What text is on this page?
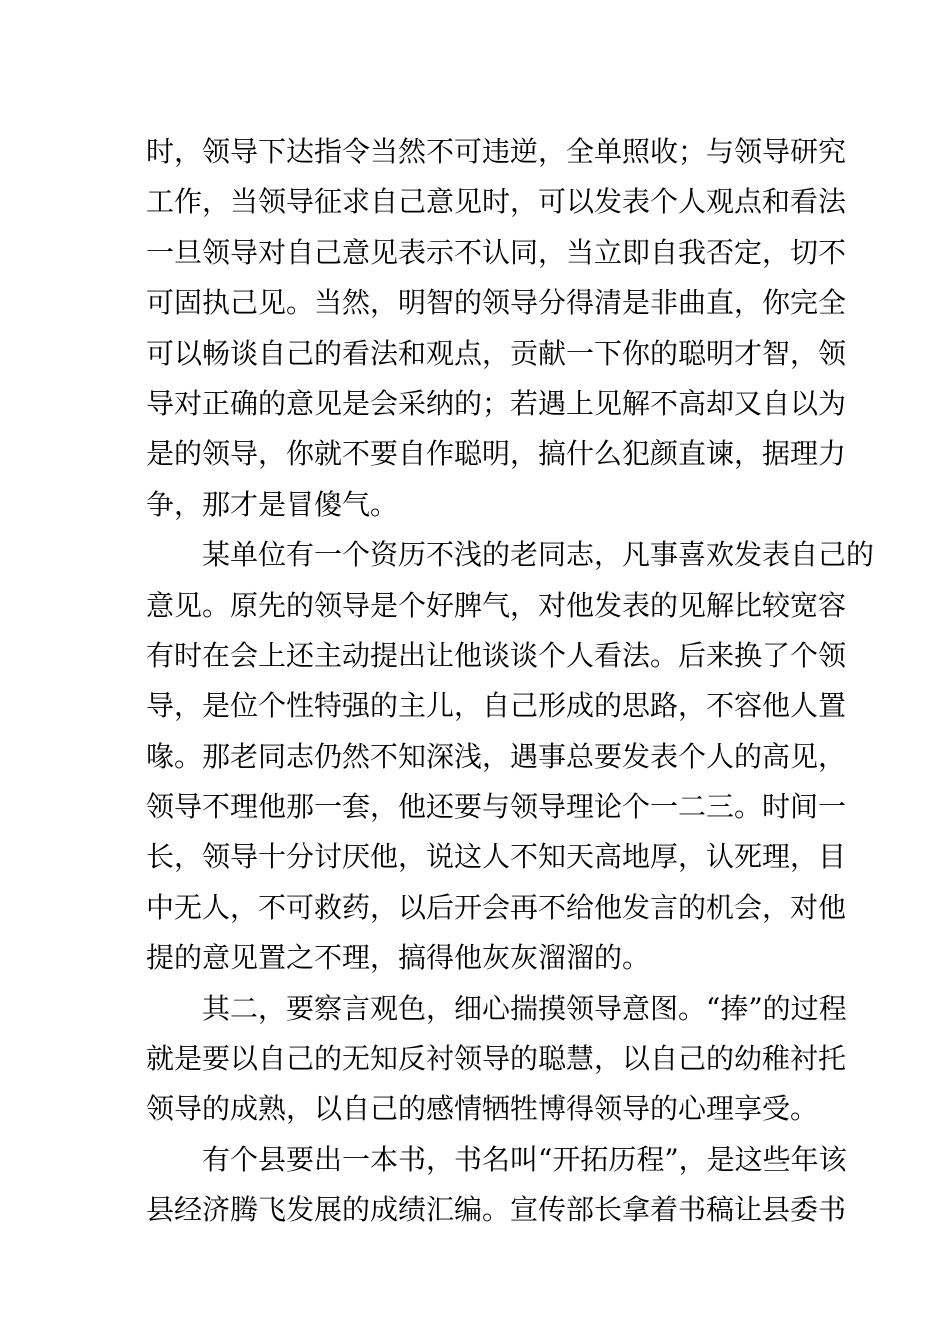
时，领导下达指令当然不可违逆，全单照收；与领导研究
工作，当领导征求自己意见时，可以发表个人观点和看法
一旦领导对自己意见表示不认同，当立即自我否定，切不
可固执己见。当然，明智的领导分得清是非曲直，你完全
可以畅谈自己的看法和观点，贡献一下你的聪明才智，领
导对正确的意见是会采纳的；若遇上见解不高却又自以为
是的领导，你就不要自作聪明，搞什么犯颜直谏，据理力
争，那才是冒傻气。
某单位有一个资历不浅的老同志，凡事喜欢发表自己的
意见。原先的领导是个好脾气，对他发表的见解比较宽容
有时在会上还主动提出让他谈谈个人看法。后来换了个领
导，是位个性特强的主儿，自己形成的思路，不容他人置
喙。那老同志仍然不知深浅，遇事总要发表个人的高见，
领导不理他那一套，他还要与领导理论个一二三。时间一
长，领导十分讨厌他，说这人不知天高地厚，认死理，目
中无人，不可救药，以后开会再不给他发言的机会，对他
提的意见置之不理，搞得他灰灰溜溜的。
其二，要察言观色，细心揣摸领导意图。“捧”的过程
就是要以自己的无知反衬领导的聪慧，以自己的幼稚衬托
领导的成熟，以自己的感情牺牲博得领导的心理享受。
有个县要出一本书，书名叫“开拓历程”，是这些年该
县经济腾飞发展的成绩汇编。宣传部长拿着书稿让县委书
